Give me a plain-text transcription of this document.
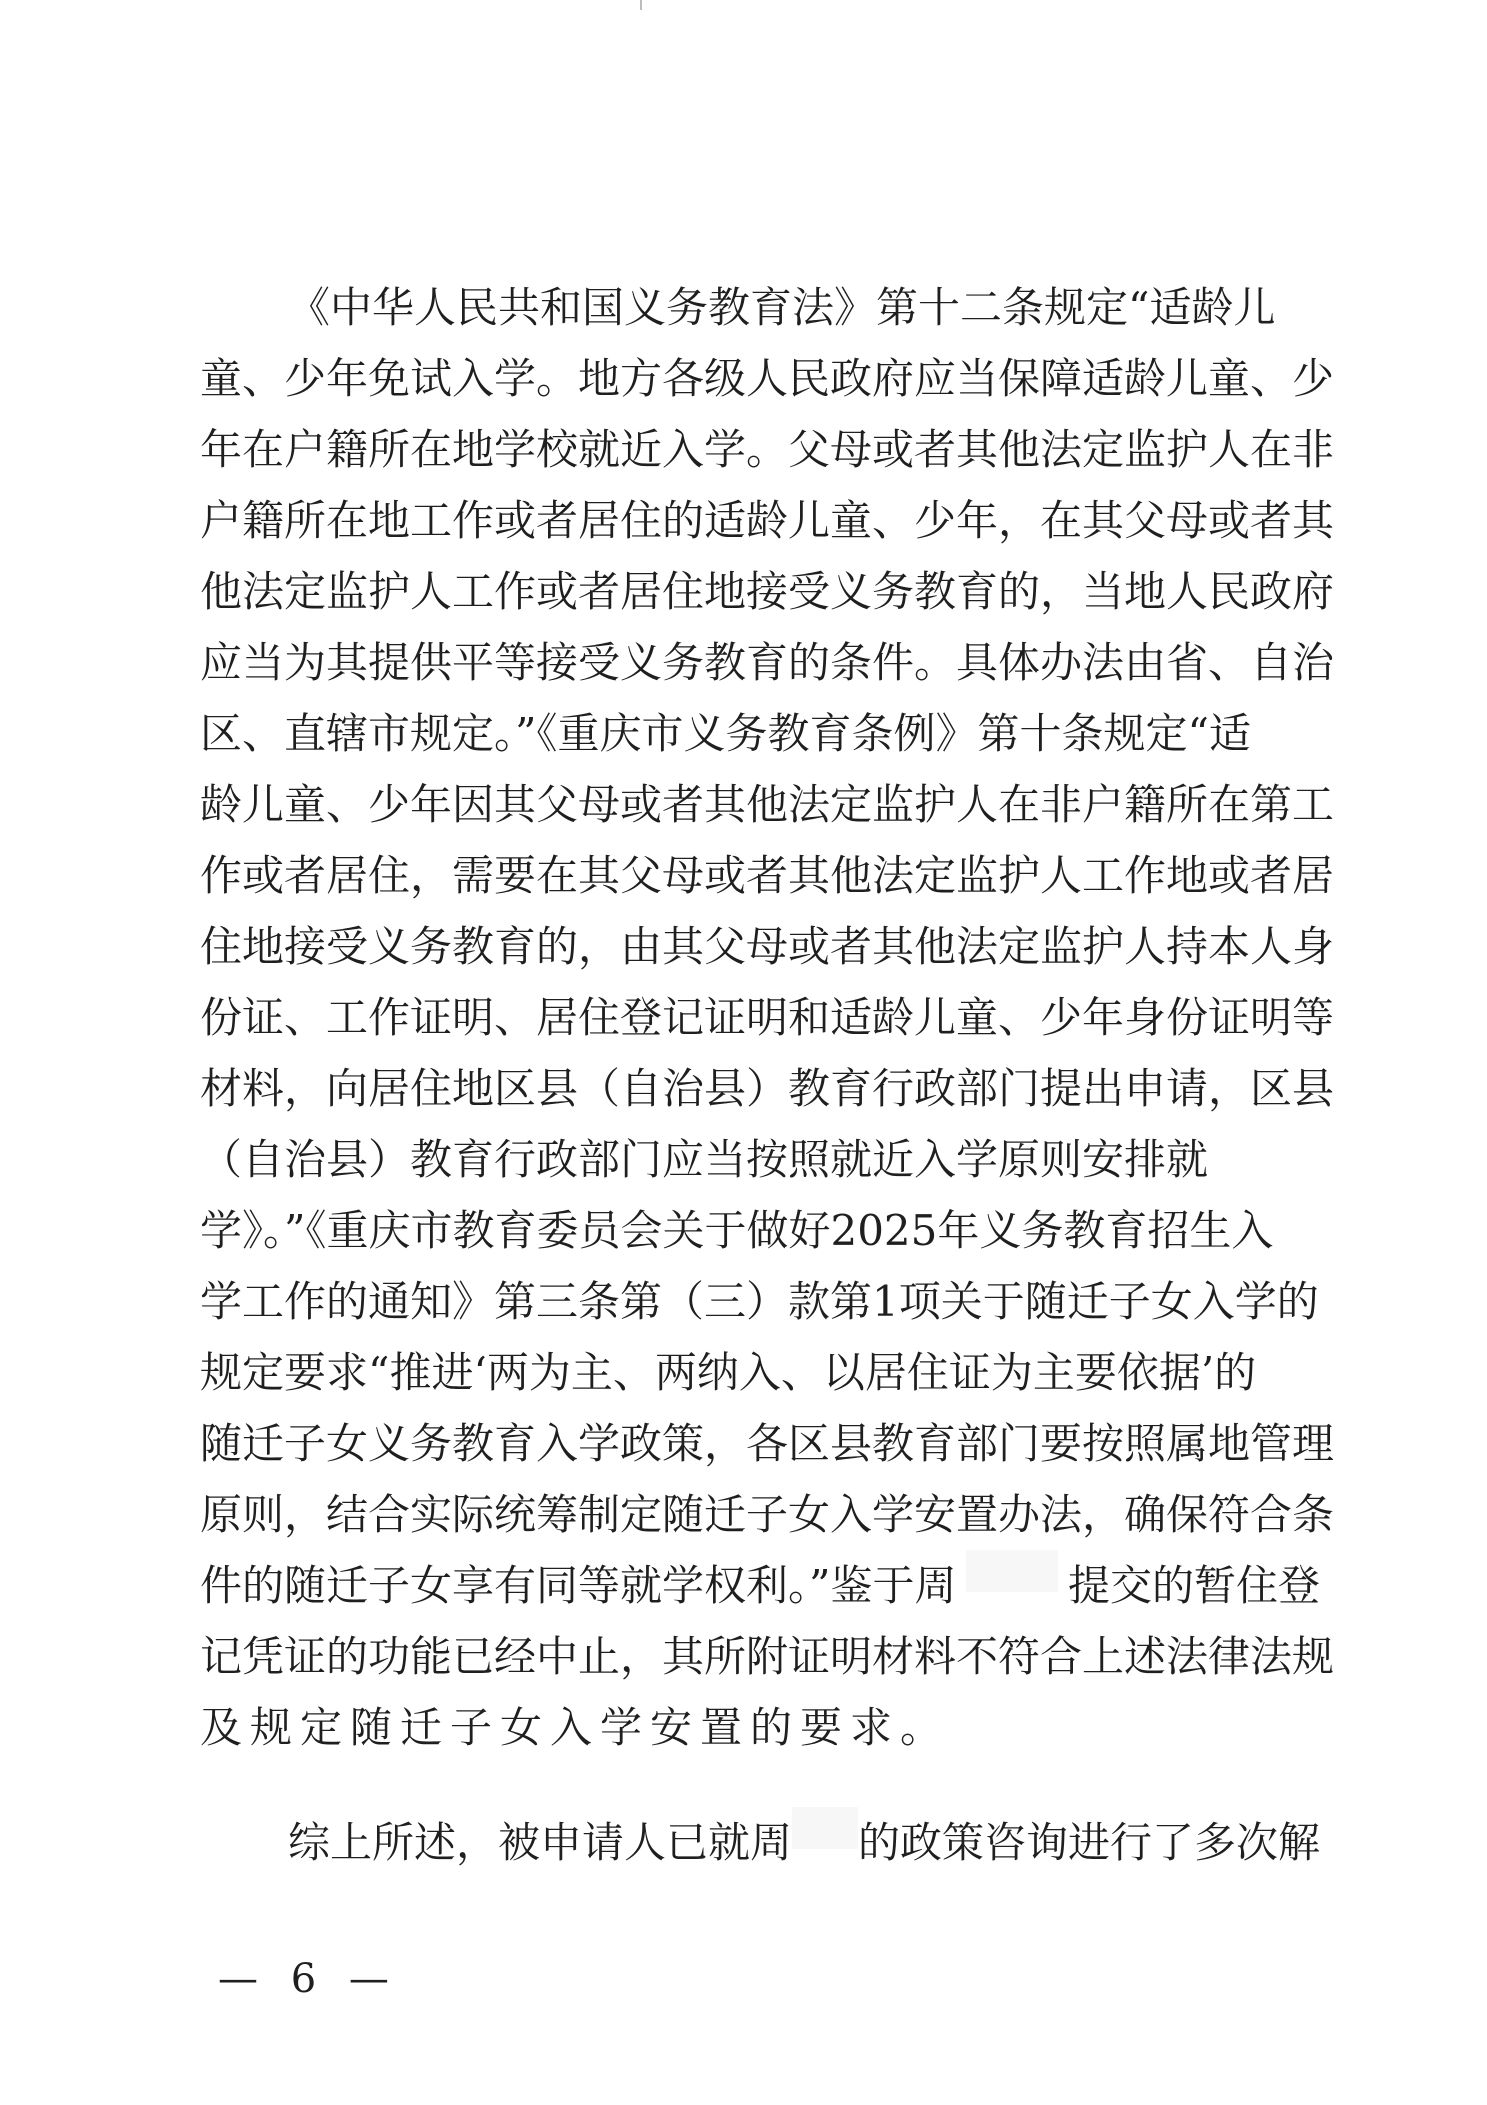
《中华人民共和国义务教育法》第十二条规定“适龄儿
童、少年免试入学。地方各级人民政府应当保障适龄儿童、少
年在户籍所在地学校就近入学。父母或者其他法定监护人在非
户籍所在地工作或者居住的适龄儿童、少年，在其父母或者其
他法定监护人工作或者居住地接受义务教育的，当地人民政府
应当为其提供平等接受义务教育的条件。具体办法由省、自治
区、直辖市规定。”《重庆市义务教育条例》第十条规定“适
龄儿童、少年因其父母或者其他法定监护人在非户籍所在第工
作或者居住，需要在其父母或者其他法定监护人工作地或者居
住地接受义务教育的，由其父母或者其他法定监护人持本人身
份证、工作证明、居住登记证明和适龄儿童、少年身份证明等
材料，向居住地区县（自治县）教育行政部门提出申请，区县
（自治县）教育行政部门应当按照就近入学原则安排就
学》。”《重庆市教育委员会关于做好2025年义务教育招生入
学工作的通知》第三条第（三）款第1项关于随迁子女入学的
规定要求“推进‘两为主、两纳入、以居住证为主要依据’的
随迁子女义务教育入学政策，各区县教育部门要按照属地管理
原则，结合实际统筹制定随迁子女入学安置办法，确保符合条
件的随迁子女享有同等就学权利。”鉴于周	提交的暂住登
记凭证的功能已经中止，其所附证明材料不符合上述法律法规
及规定随迁子女入学安置的要求。
综上所述，被申请人已就周 的政策咨询进行了多次解
— 6 —
